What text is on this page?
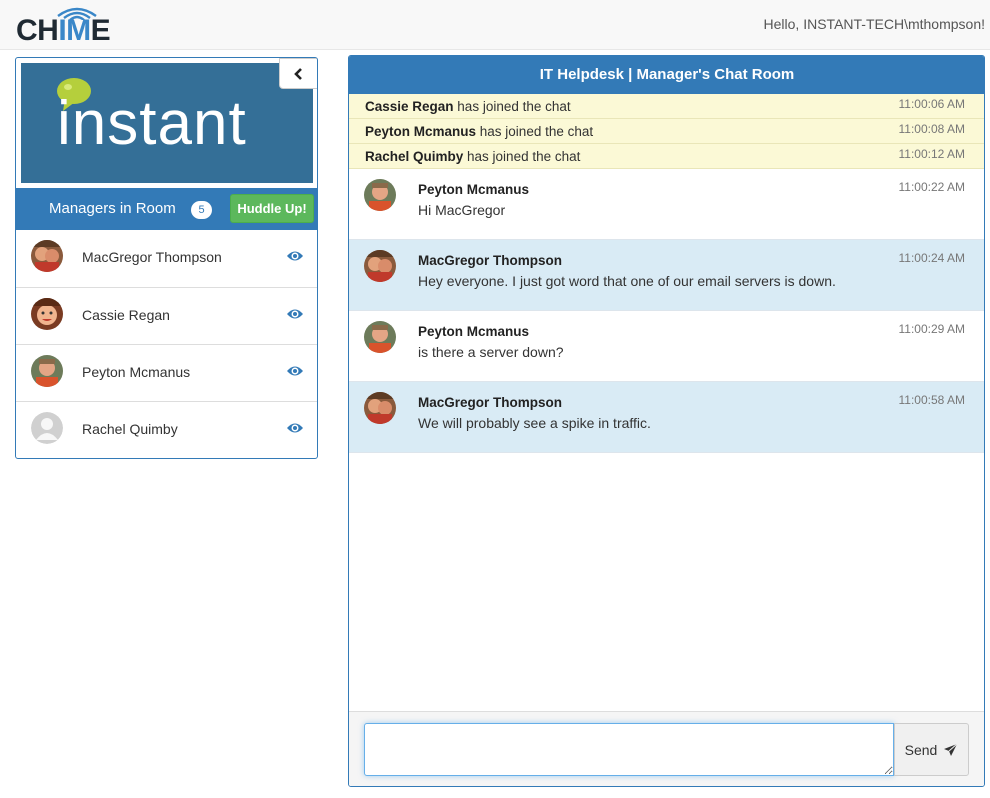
CHIME	Hello, INSTANT-TECH\mthompson!
instant
Managers in Room	5	Huddle Up!
MacGregor Thompson
Cassie Regan
Peyton Mcmanus
Rachel Quimby
IT Helpdesk | Manager's Chat Room
Cassie Regan has joined the chat	11:00:06 AM
Peyton Mcmanus has joined the chat	11:00:08 AM
Rachel Quimby has joined the chat	11:00:12 AM
Peyton Mcmanus
Hi MacGregor
11:00:22 AM
MacGregor Thompson
Hey everyone. I just got word that one of our email servers is down.
11:00:24 AM
Peyton Mcmanus
is there a server down?
11:00:29 AM
MacGregor Thompson
We will probably see a spike in traffic.
11:00:58 AM
Send
